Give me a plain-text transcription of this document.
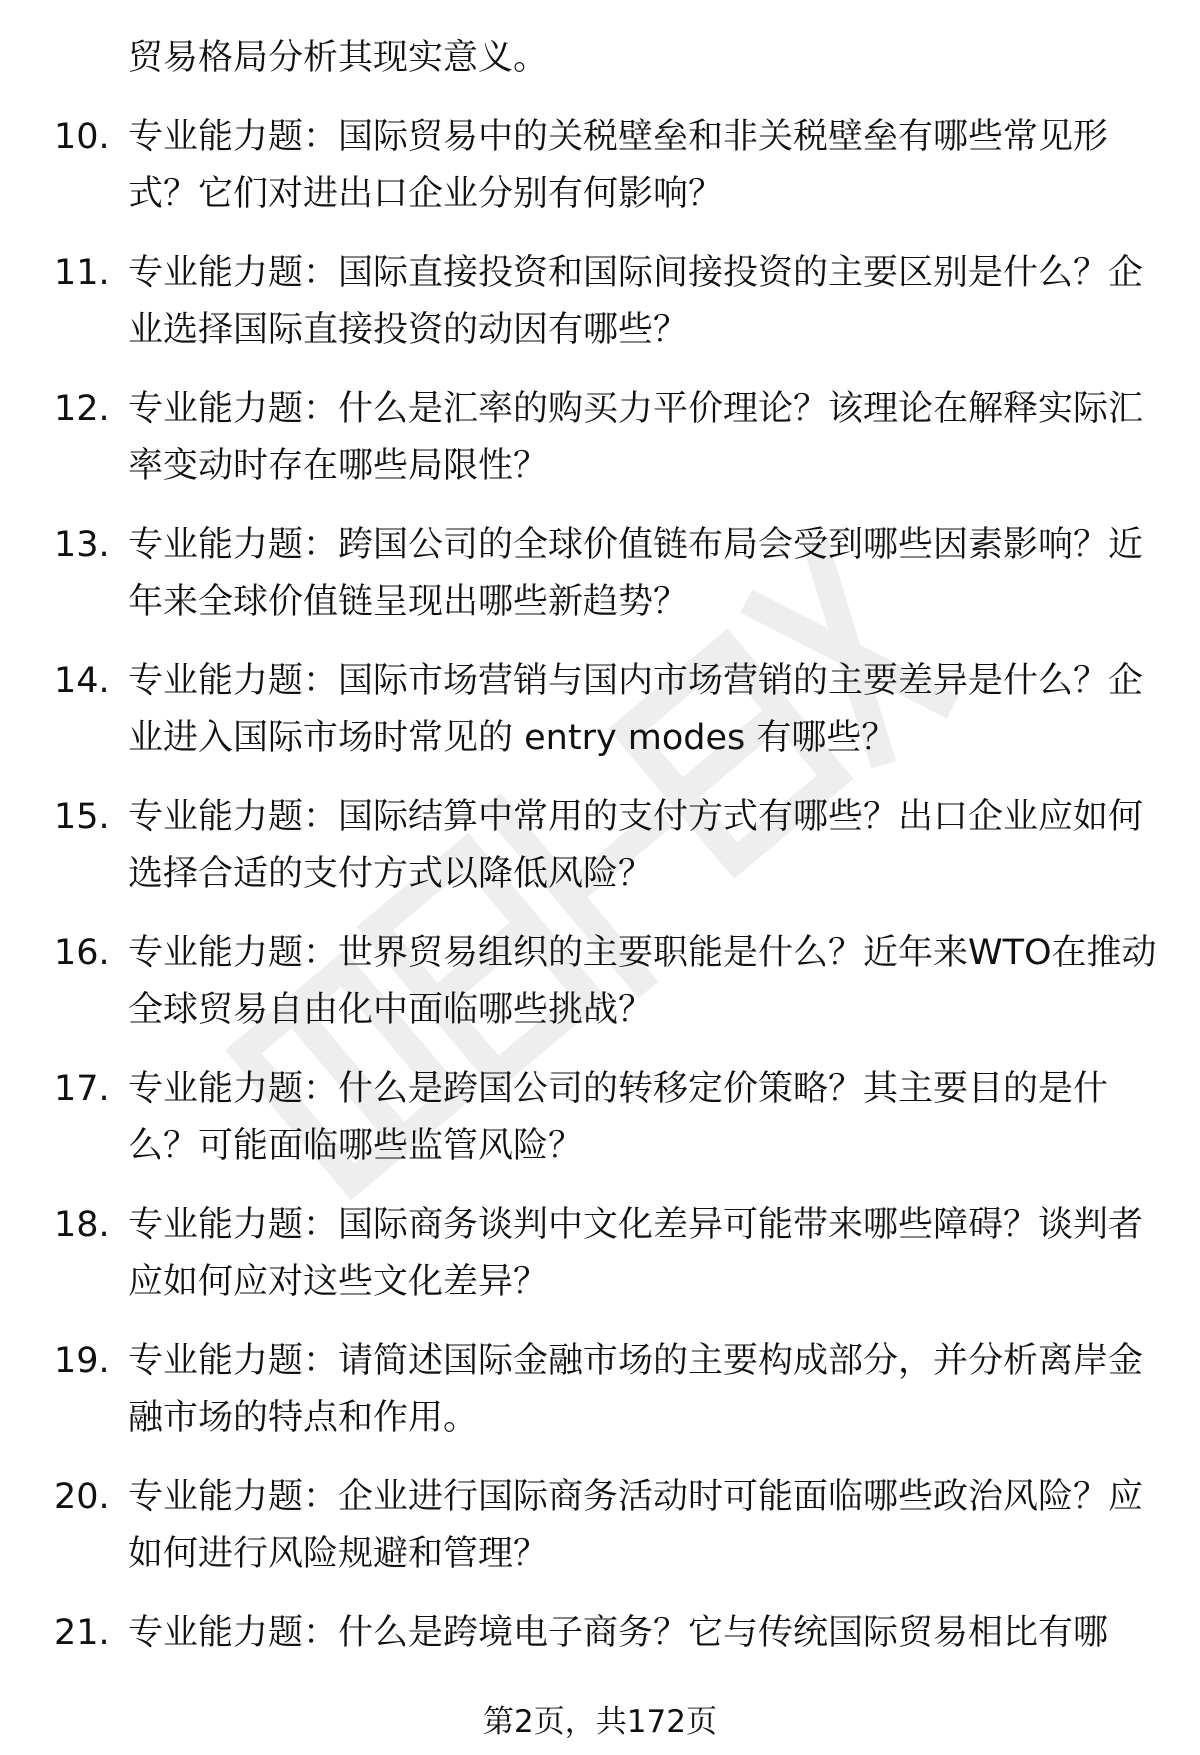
贸易格局分析其现实意义。

10. 专业能力题：国际贸易中的关税壁垒和非关税壁垒有哪些常见形式？它们对进出口企业分别有何影响？
11. 专业能力题：国际直接投资和国际间接投资的主要区别是什么？企业选择国际直接投资的动因有哪些？
12. 专业能力题：什么是汇率的购买力平价理论？该理论在解释实际汇率变动时存在哪些局限性？
13. 专业能力题：跨国公司的全球价值链布局会受到哪些因素影响？近年来全球价值链呈现出哪些新趋势？
14. 专业能力题：国际市场营销与国内市场营销的主要差异是什么？企业进入国际市场时常见的 entry modes 有哪些？
15. 专业能力题：国际结算中常用的支付方式有哪些？出口企业应如何选择合适的支付方式以降低风险？
16. 专业能力题：世界贸易组织的主要职能是什么？近年来WTO在推动全球贸易自由化中面临哪些挑战？
17. 专业能力题：什么是跨国公司的转移定价策略？其主要目的是什么？可能面临哪些监管风险？
18. 专业能力题：国际商务谈判中文化差异可能带来哪些障碍？谈判者应如何应对这些文化差异？
19. 专业能力题：请简述国际金融市场的主要构成部分，并分析离岸金融市场的特点和作用。
20. 专业能力题：企业进行国际商务活动时可能面临哪些政治风险？应如何进行风险规避和管理？
21. 专业能力题：什么是跨境电子商务？它与传统国际贸易相比有哪
第2页，共172页
